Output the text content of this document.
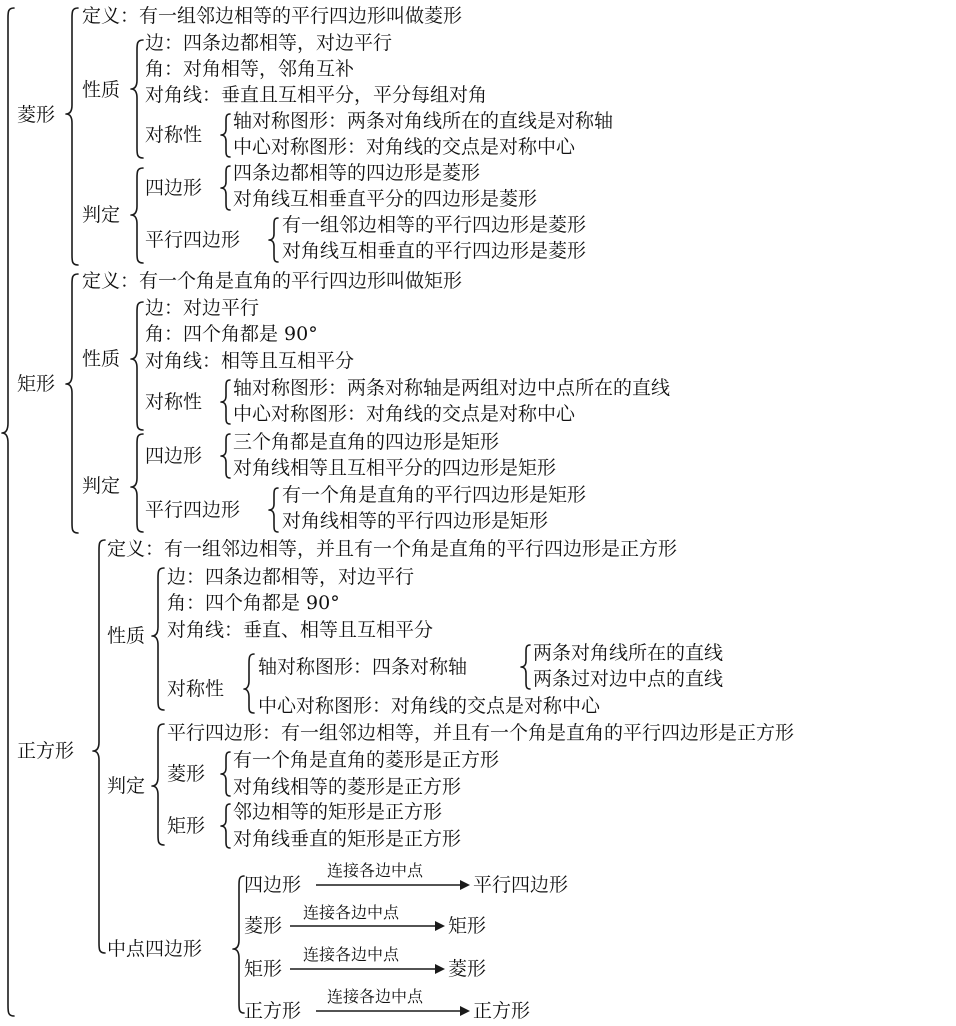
菱形
定义：有一组邻边相等的平行四边形叫做菱形
性质
边：四条边都相等，对边平行
角：对角相等，邻角互补
对角线：垂直且互相平分，平分每组对角
对称性
轴对称图形：两条对角线所在的直线是对称轴
中心对称图形：对角线的交点是对称中心
判定
四边形
四条边都相等的四边形是菱形
对角线互相垂直平分的四边形是菱形
平行四边形
有一组邻边相等的平行四边形是菱形
对角线互相垂直的平行四边形是菱形
矩形
定义：有一个角是直角的平行四边形叫做矩形
性质
边：对边平行
角：四个角都是 90°
对角线：相等且互相平分
对称性
轴对称图形：两条对称轴是两组对边中点所在的直线
中心对称图形：对角线的交点是对称中心
判定
四边形
三个角都是直角的四边形是矩形
对角线相等且互相平分的四边形是矩形
平行四边形
有一个角是直角的平行四边形是矩形
对角线相等的平行四边形是矩形
正方形
定义：有一组邻边相等，并且有一个角是直角的平行四边形是正方形
性质
边：四条边都相等，对边平行
角：四个角都是 90°
对角线：垂直、相等且互相平分
对称性
轴对称图形：四条对称轴
两条对角线所在的直线
两条过对边中点的直线
中心对称图形：对角线的交点是对称中心
判定
平行四边形：有一组邻边相等，并且有一个角是直角的平行四边形是正方形
菱形
有一个角是直角的菱形是正方形
对角线相等的菱形是正方形
矩形
邻边相等的矩形是正方形
对角线垂直的矩形是正方形
中点四边形
四边形
连接各边中点
平行四边形
菱形
连接各边中点
矩形
矩形
连接各边中点
菱形
正方形
连接各边中点
正方形
